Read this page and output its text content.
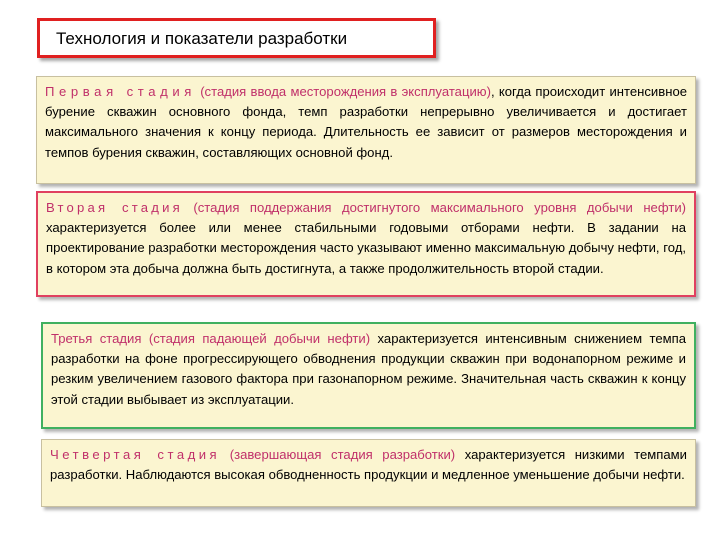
Технология и показатели разработки
Первая стадия (стадия ввода месторождения в эксплуатацию), когда происходит интенсивное бурение скважин основного фонда, темп разработки непрерывно увеличивается и достигает максимального значения к концу периода. Длительность ее зависит от размеров месторождения и темпов бурения скважин, составляющих основной фонд.
Вторая стадия (стадия поддержания достигнутого максимального уровня добычи нефти) характеризуется более или менее стабильными годовыми отборами нефти. В задании на проектирование разработки месторождения часто указывают именно максимальную добычу нефти, год, в котором эта добыча должна быть достигнута, а также продолжительность второй стадии.
Третья стадия (стадия падающей добычи нефти) характеризуется интенсивным снижением темпа разработки на фоне прогрессирующего обводнения продукции скважин при водонапорном режиме и резким увеличением газового фактора при газонапорном режиме. Значительная часть скважин к концу этой стадии выбывает из эксплуатации.
Четвертая стадия (завершающая стадия разработки) характеризуется низкими темпами разработки. Наблюдаются высокая обводненность продукции и медленное уменьшение добычи нефти.
